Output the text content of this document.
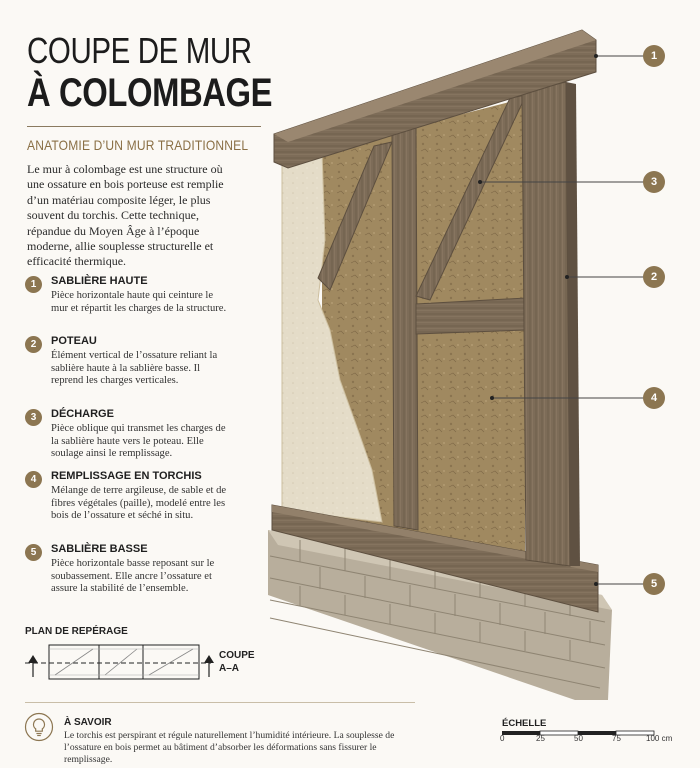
COUPE DE MUR
À COLOMBAGE
ANATOMIE D’UN MUR TRADITIONNEL

Le mur à colombage est une structure où une ossature en bois porteuse est remplie d’un matériau composite léger, le plus souvent du torchis. Cette technique, répandue du Moyen Âge à l’époque moderne, allie souplesse structurelle et efficacité thermique.

1	SABLIÈRE HAUTE
Pièce horizontale haute qui ceinture le mur et répartit les charges de la structure.
2	POTEAU
Élément vertical de l’ossature reliant la sablière haute à la sablière basse. Il reprend les charges verticales.
3	DÉCHARGE
Pièce oblique qui transmet les charges de la sablière haute vers le poteau. Elle soulage ainsi le remplissage.
4	REMPLISSAGE EN TORCHIS
Mélange de terre argileuse, de sable et de fibres végétales (paille), modelé entre les bois de l’ossature et séché in situ.
5	SABLIÈRE BASSE
Pièce horizontale basse reposant sur le soubassement. Elle ancre l’ossature et assure la stabilité de l’ensemble.
PLAN DE REPÉRAGE
COUPE
A–A
À SAVOIR

Le torchis est perspirant et régule naturellement l’humidité intérieure. La souplesse de l’ossature en bois permet au bâtiment d’absorber les déformations sans fissurer le remplissage.

ÉCHELLE
0	25	50	75	100 cm
1
3
2
4
5
